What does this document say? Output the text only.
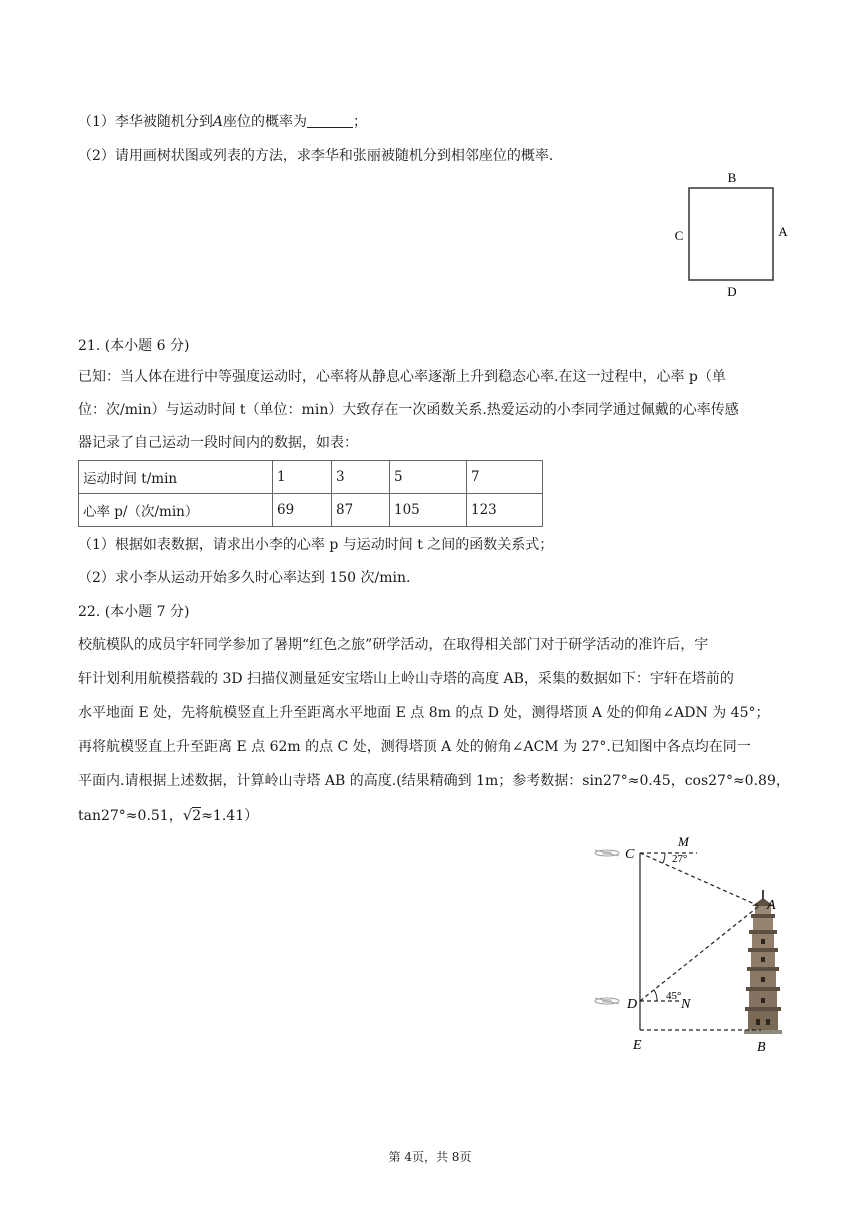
（1）李华被随机分到A座位的概率为	；
（2）请用画树状图或列表的方法，求李华和张丽被随机分到相邻座位的概率.
B
C	A
D
21. (本小题 6 分)
已知：当人体在进行中等强度运动时，心率将从静息心率逐渐上升到稳态心率.在这一过程中，心率 p（单
位：次/min）与运动时间 t（单位：min）大致存在一次函数关系.热爱运动的小李同学通过佩戴的心率传感
器记录了自己运动一段时间内的数据，如表：
运动时间 t/min	1	3	5	7
心率 p/（次/min）	69	87	105	123
（1）根据如表数据，请求出小李的心率 p 与运动时间 t 之间的函数关系式；
（2）求小李从运动开始多久时心率达到 150 次/min.
22. (本小题 7 分)
校航模队的成员宇轩同学参加了暑期“红色之旅”研学活动，在取得相关部门对于研学活动的准许后，宇
轩计划利用航模搭载的 3D 扫描仪测量延安宝塔山上岭山寺塔的高度 AB，采集的数据如下：宇轩在塔前的
水平地面 E 处，先将航模竖直上升至距离水平地面 E 点 8m 的点 D 处，测得塔顶 A 处的仰角∠ADN 为 45°；
再将航模竖直上升至距离 E 点 62m 的点 C 处，测得塔顶 A 处的俯角∠ACM 为 27°.已知图中各点均在同一
平面内.请根据上述数据，计算岭山寺塔 AB 的高度.(结果精确到 1m；参考数据：sin27°≈0.45，cos27°≈0.89，
tan27°≈0.51，√2≈1.41）
C
M
27°
A
D
45°
N
E	B
第 4页，共 8页
